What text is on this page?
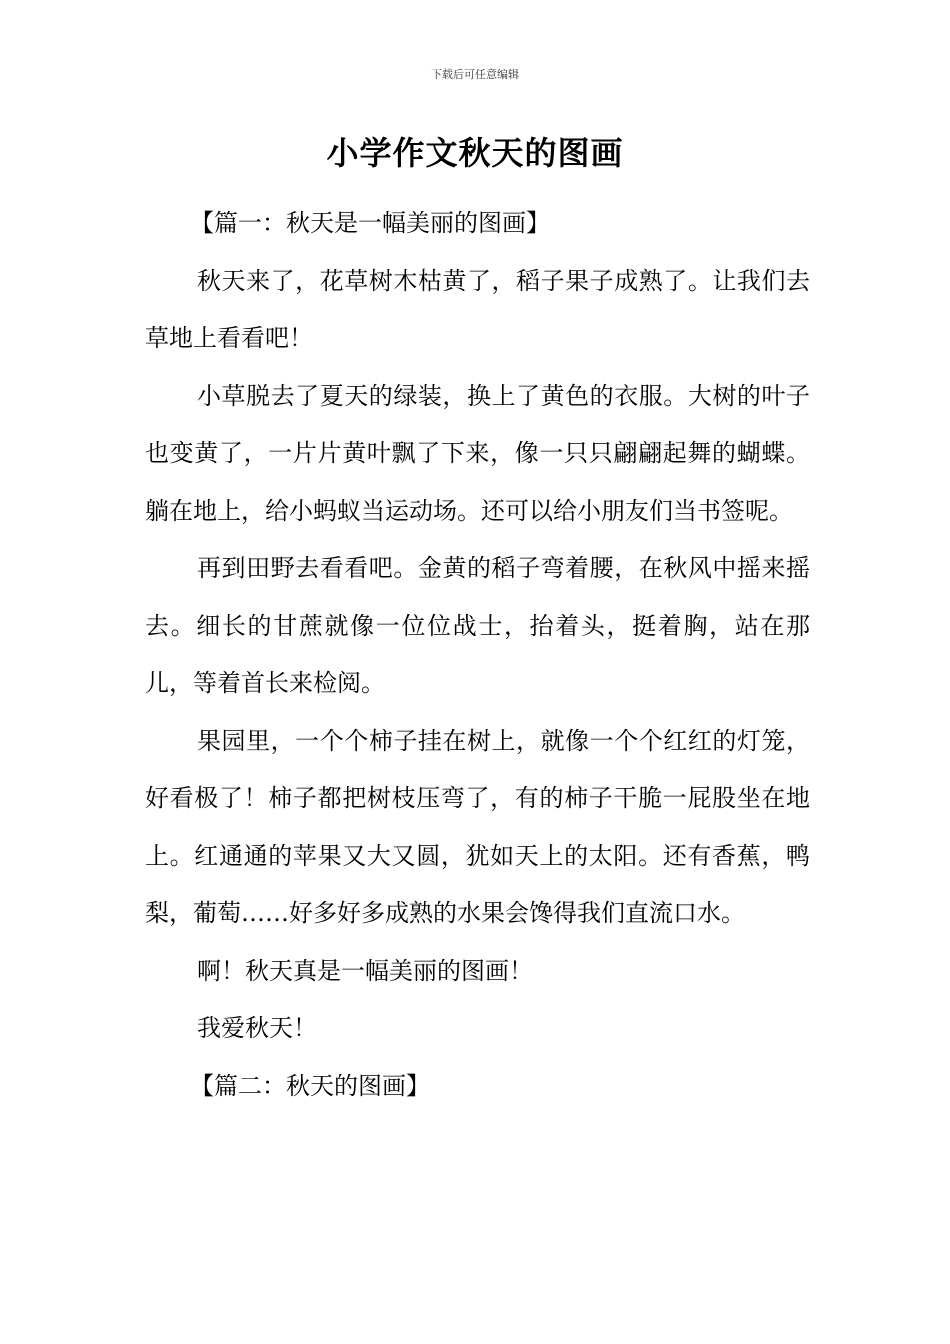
下载后可任意编辑
小学作文秋天的图画

【篇一：秋天是一幅美丽的图画】

秋天来了，花草树木枯黄了，稻子果子成熟了。让我们去草地上看看吧！

小草脱去了夏天的绿装，换上了黄色的衣服。大树的叶子也变黄了，一片片黄叶飘了下来，像一只只翩翩起舞的蝴蝶。躺在地上，给小蚂蚁当运动场。还可以给小朋友们当书签呢。

再到田野去看看吧。金黄的稻子弯着腰，在秋风中摇来摇去。细长的甘蔗就像一位位战士，抬着头，挺着胸，站在那儿，等着首长来检阅。

果园里，一个个柿子挂在树上，就像一个个红红的灯笼，好看极了！柿子都把树枝压弯了，有的柿子干脆一屁股坐在地上。红通通的苹果又大又圆，犹如天上的太阳。还有香蕉，鸭梨，葡萄……好多好多成熟的水果会馋得我们直流口水。

啊！秋天真是一幅美丽的图画！

我爱秋天！

【篇二：秋天的图画】
